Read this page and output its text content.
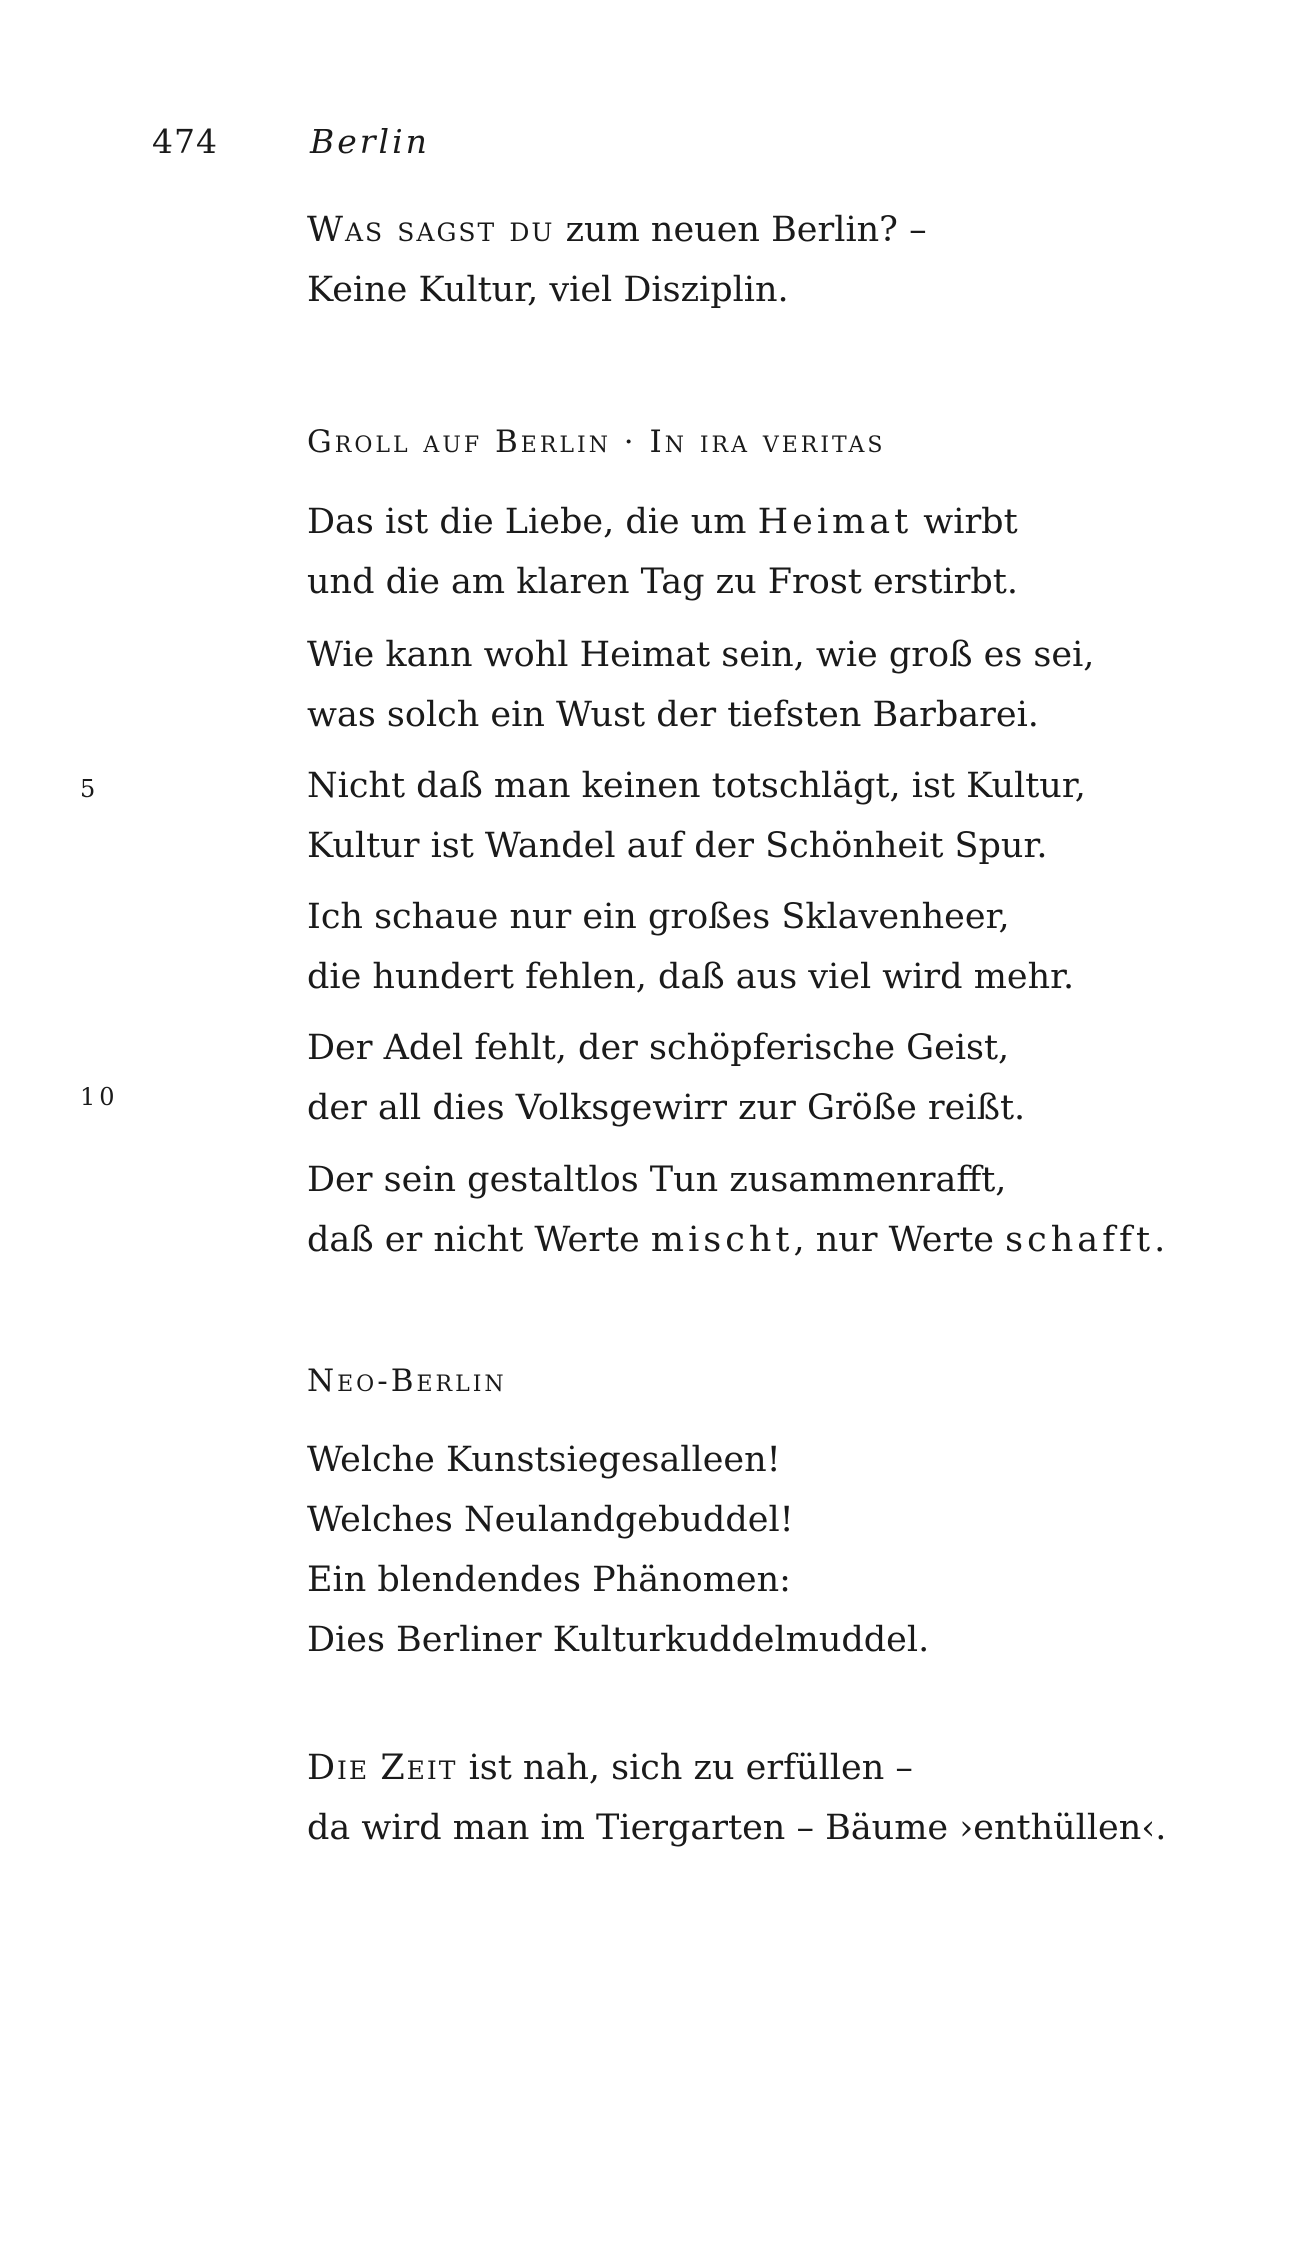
474	Berlin
Was sagst du zum neuen Berlin? –
Keine Kultur, viel Disziplin.
Groll auf Berlin · In ira veritas
Das ist die Liebe, die um Heimat wirbt
und die am klaren Tag zu Frost erstirbt.
Wie kann wohl Heimat sein, wie groß es sei,
was solch ein Wust der tiefsten Barbarei.
5	Nicht daß man keinen totschlägt, ist Kultur,
Kultur ist Wandel auf der Schönheit Spur.
Ich schaue nur ein großes Sklavenheer,
die hundert fehlen, daß aus viel wird mehr.
10
Der Adel fehlt, der schöpferische Geist,
der all dies Volksgewirr zur Größe reißt.
Der sein gestaltlos Tun zusammenrafft,
daß er nicht Werte mischt, nur Werte schafft.
Neo-Berlin
Welche Kunstsiegesalleen!
Welches Neulandgebuddel!
Ein blendendes Phänomen:
Dies Berliner Kulturkuddelmuddel.
Die Zeit ist nah, sich zu erfüllen –
da wird man im Tiergarten – Bäume ›enthüllen‹.
